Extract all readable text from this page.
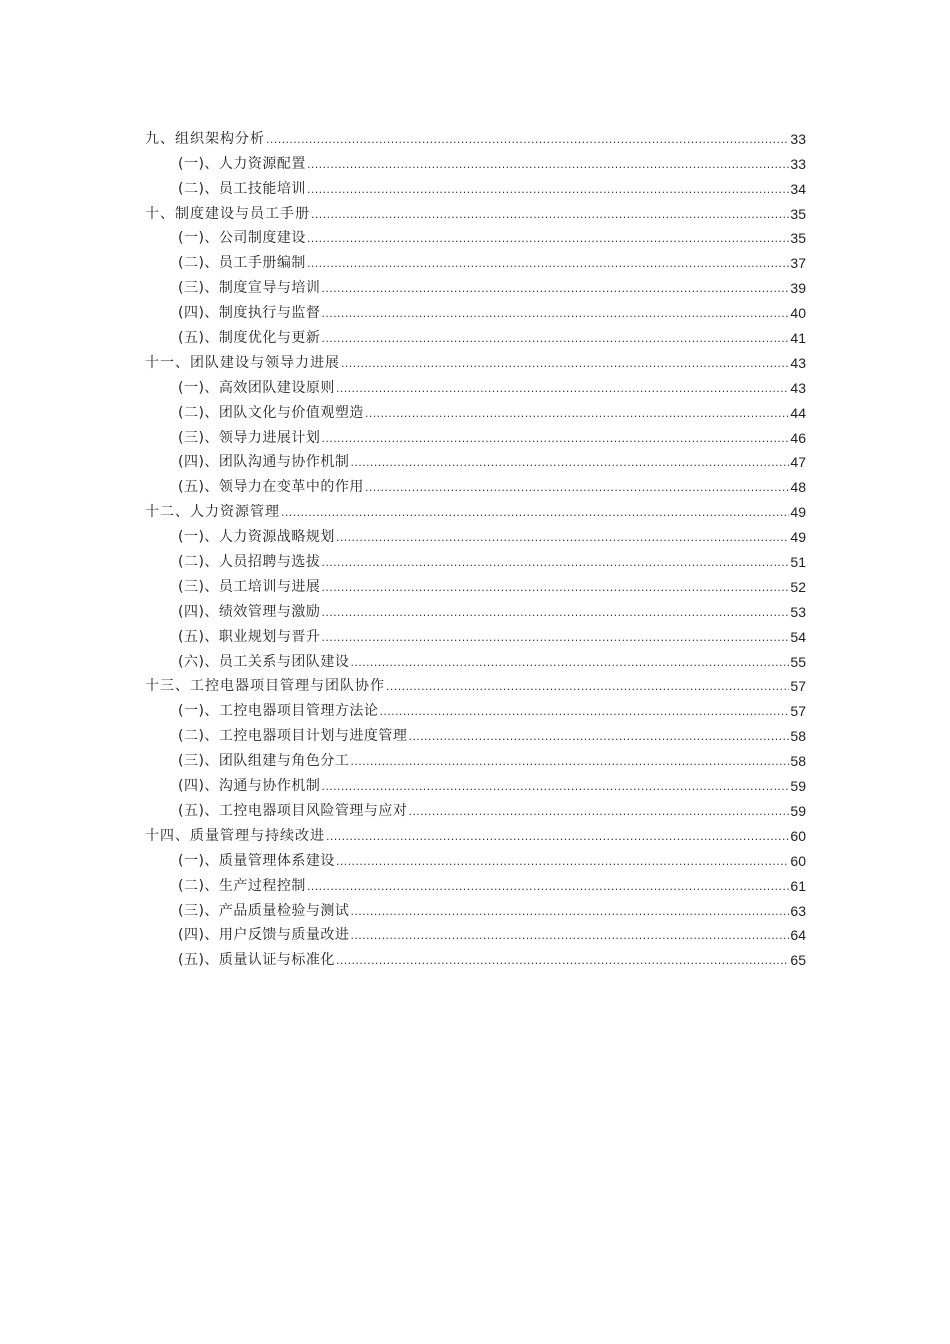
九、组织架构分析 .....	33
(一)、人力资源配置 .....	33
(二)、员工技能培训 .....	34
十、制度建设与员工手册 .....	35
(一)、公司制度建设 .....	35
(二)、员工手册编制 .....	37
(三)、制度宣导与培训 .....	39
(四)、制度执行与监督 .....	40
(五)、制度优化与更新 .....	41
十一、团队建设与领导力进展 .....	43
(一)、高效团队建设原则 .....	43
(二)、团队文化与价值观塑造 .....	44
(三)、领导力进展计划 .....	46
(四)、团队沟通与协作机制 .....	47
(五)、领导力在变革中的作用 .....	48
十二、人力资源管理 .....	49
(一)、人力资源战略规划 .....	49
(二)、人员招聘与选拔 .....	51
(三)、员工培训与进展 .....	52
(四)、绩效管理与激励 .....	53
(五)、职业规划与晋升 .....	54
(六)、员工关系与团队建设 .....	55
十三、工控电器项目管理与团队协作 .....	57
(一)、工控电器项目管理方法论 .....	57
(二)、工控电器项目计划与进度管理 .....	58
(三)、团队组建与角色分工 .....	58
(四)、沟通与协作机制 .....	59
(五)、工控电器项目风险管理与应对 .....	59
十四、质量管理与持续改进 .....	60
(一)、质量管理体系建设 .....	60
(二)、生产过程控制 .....	61
(三)、产品质量检验与测试 .....	63
(四)、用户反馈与质量改进 .....	64
(五)、质量认证与标准化 .....	65
